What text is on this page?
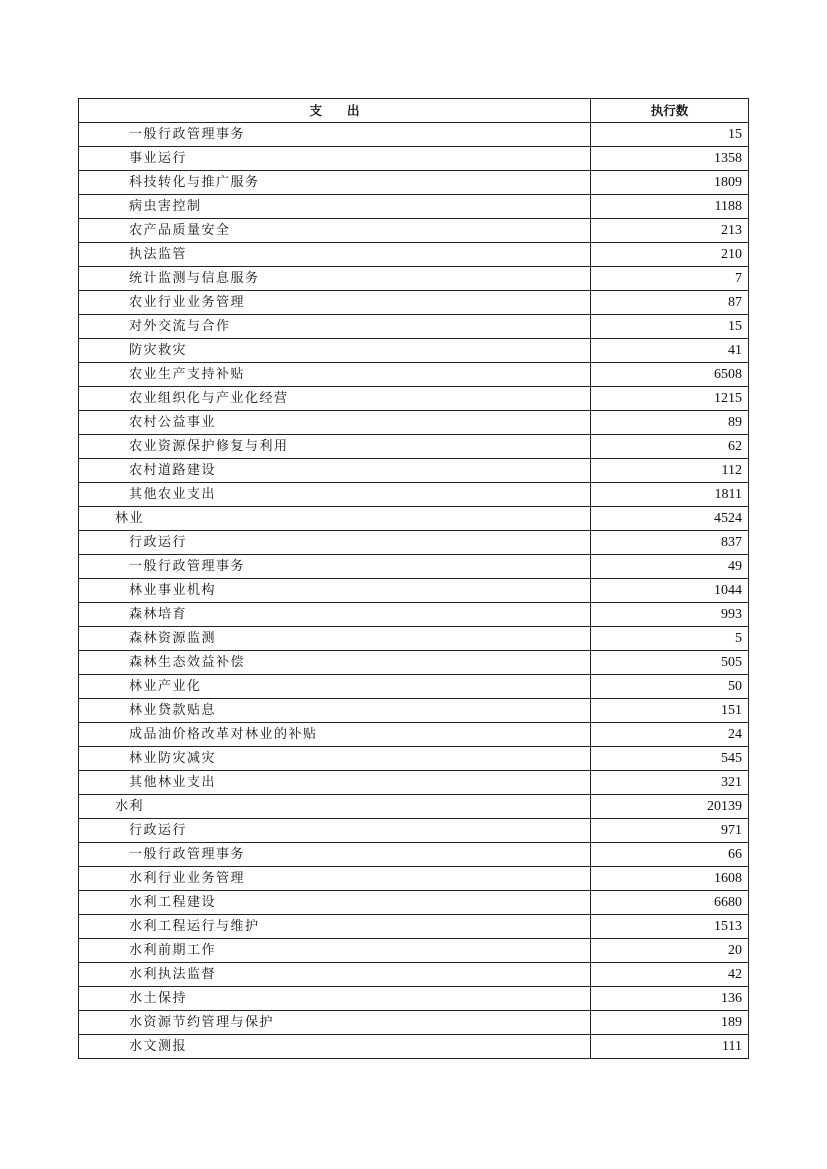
支　　出	执行数
一般行政管理事务	15
事业运行	1358
科技转化与推广服务	1809
病虫害控制	1188
农产品质量安全	213
执法监管	210
统计监测与信息服务	7
农业行业业务管理	87
对外交流与合作	15
防灾救灾	41
农业生产支持补贴	6508
农业组织化与产业化经营	1215
农村公益事业	89
农业资源保护修复与利用	62
农村道路建设	112
其他农业支出	1811
林业	4524
行政运行	837
一般行政管理事务	49
林业事业机构	1044
森林培育	993
森林资源监测	5
森林生态效益补偿	505
林业产业化	50
林业贷款贴息	151
成品油价格改革对林业的补贴	24
林业防灾减灾	545
其他林业支出	321
水利	20139
行政运行	971
一般行政管理事务	66
水利行业业务管理	1608
水利工程建设	6680
水利工程运行与维护	1513
水利前期工作	20
水利执法监督	42
水土保持	136
水资源节约管理与保护	189
水文测报	111
